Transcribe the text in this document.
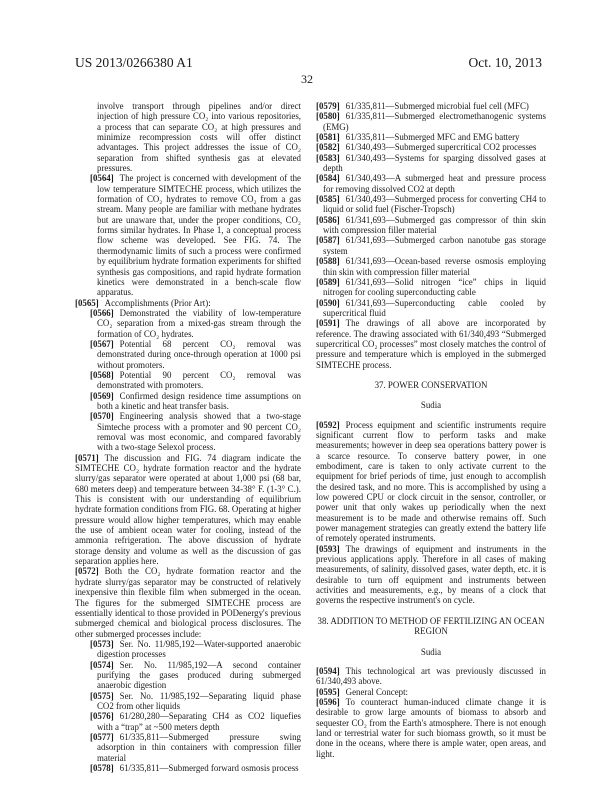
US 2013/0266380 A1	Oct. 10, 2013
32

involve transport through pipelines and/or direct injection of high pressure CO₂ into various repositories, a process that can separate CO₂ at high pressures and minimize recompression costs will offer distinct advantages. This project addresses the issue of CO₂ separation from shifted synthesis gas at elevated pressures.

[0564] The project is concerned with development of the low temperature SIMTECHE process, which utilizes the formation of CO₂ hydrates to remove CO₂ from a gas stream. Many people are familiar with methane hydrates but are unaware that, under the proper conditions, CO₂ forms similar hydrates. In Phase 1, a conceptual process flow scheme was developed. See FIG. 74. The thermodynamic limits of such a process were confirmed by equilibrium hydrate formation experiments for shifted synthesis gas compositions, and rapid hydrate formation kinetics were demonstrated in a bench-scale flow apparatus.

[0565] Accomplishments (Prior Art):

[0566] Demonstrated the viability of low-temperature CO₂ separation from a mixed-gas stream through the formation of CO₂ hydrates.

[0567] Potential 68 percent CO₂ removal was demonstrated during once-through operation at 1000 psi without promoters.

[0568] Potential 90 percent CO₂ removal was demonstrated with promoters.

[0569] Confirmed design residence time assumptions on both a kinetic and heat transfer basis.

[0570] Engineering analysis showed that a two-stage Simteche process with a promoter and 90 percent CO₂ removal was most economic, and compared favorably with a two-stage Selexol process.

[0571] The discussion and FIG. 74 diagram indicate the SIMTECHE CO₂ hydrate formation reactor and the hydrate slurry/gas separator were operated at about 1,000 psi (68 bar, 680 meters deep) and temperature between 34-38° F. (1-3° C.). This is consistent with our understanding of equilibrium hydrate formation conditions from FIG. 68. Operating at higher pressure would allow higher temperatures, which may enable the use of ambient ocean water for cooling, instead of the ammonia refrigeration. The above discussion of hydrate storage density and volume as well as the discussion of gas separation applies here.

[0572] Both the CO₂ hydrate formation reactor and the hydrate slurry/gas separator may be constructed of relatively inexpensive thin flexible film when submerged in the ocean. The figures for the submerged SIMTECHE process are essentially identical to those provided in PODenergy's previous submerged chemical and biological process disclosures. The other submerged processes include:

[0573] Ser. No. 11/985,192—Water-supported anaerobic digestion processes

[0574] Ser. No. 11/985,192—A second container purifying the gases produced during submerged anaerobic digestion

[0575] Ser. No. 11/985,192—Separating liquid phase CO2 from other liquids

[0576] 61/280,280—Separating CH4 as CO2 liquefies with a “trap” at ~500 meters depth

[0577] 61/335,811—Submerged pressure swing adsorption in thin containers with compression filler material

[0578] 61/335,811—Submerged forward osmosis process

[0579] 61/335,811—Submerged microbial fuel cell (MFC)

[0580] 61/335,811—Submerged electromethanogenic systems (EMG)

[0581] 61/335,811—Submerged MFC and EMG battery

[0582] 61/340,493—Submerged supercritical CO2 processes

[0583] 61/340,493—Systems for sparging dissolved gases at depth

[0584] 61/340,493—A submerged heat and pressure process for removing dissolved CO2 at depth

[0585] 61/340,493—Submerged process for converting CH4 to liquid or solid fuel (Fischer-Tropsch)

[0586] 61/341,693—Submerged gas compressor of thin skin with compression filler material

[0587] 61/341,693—Submerged carbon nanotube gas storage system

[0588] 61/341,693—Ocean-based reverse osmosis employing thin skin with compression filler material

[0589] 61/341,693—Solid nitrogen “ice” chips in liquid nitrogen for cooling superconducting cable

[0590] 61/341,693—Superconducting cable cooled by supercritical fluid

[0591] The drawings of all above are incorporated by reference. The drawing associated with 61/340,493 “Submerged supercritical CO₂ processes” most closely matches the control of pressure and temperature which is employed in the submerged SIMTECHE process.

37. POWER CONSERVATION

Sudia

[0592] Process equipment and scientific instruments require significant current flow to perform tasks and make measurements; however in deep sea operations battery power is a scarce resource. To conserve battery power, in one embodiment, care is taken to only activate current to the equipment for brief periods of time, just enough to accomplish the desired task, and no more. This is accomplished by using a low powered CPU or clock circuit in the sensor, controller, or power unit that only wakes up periodically when the next measurement is to be made and otherwise remains off. Such power management strategies can greatly extend the battery life of remotely operated instruments.

[0593] The drawings of equipment and instruments in the previous applications apply. Therefore in all cases of making measurements, of salinity, dissolved gases, water depth, etc. it is desirable to turn off equipment and instruments between activities and measurements, e.g., by means of a clock that governs the respective instrument's on cycle.

38. ADDITION TO METHOD OF FERTILIZING AN OCEAN REGION

Sudia

[0594] This technological art was previously discussed in 61/340,493 above.

[0595] General Concept:

[0596] To counteract human-induced climate change it is desirable to grow large amounts of biomass to absorb and sequester CO₂ from the Earth's atmosphere. There is not enough land or terrestrial water for such biomass growth, so it must be done in the oceans, where there is ample water, open areas, and light.
